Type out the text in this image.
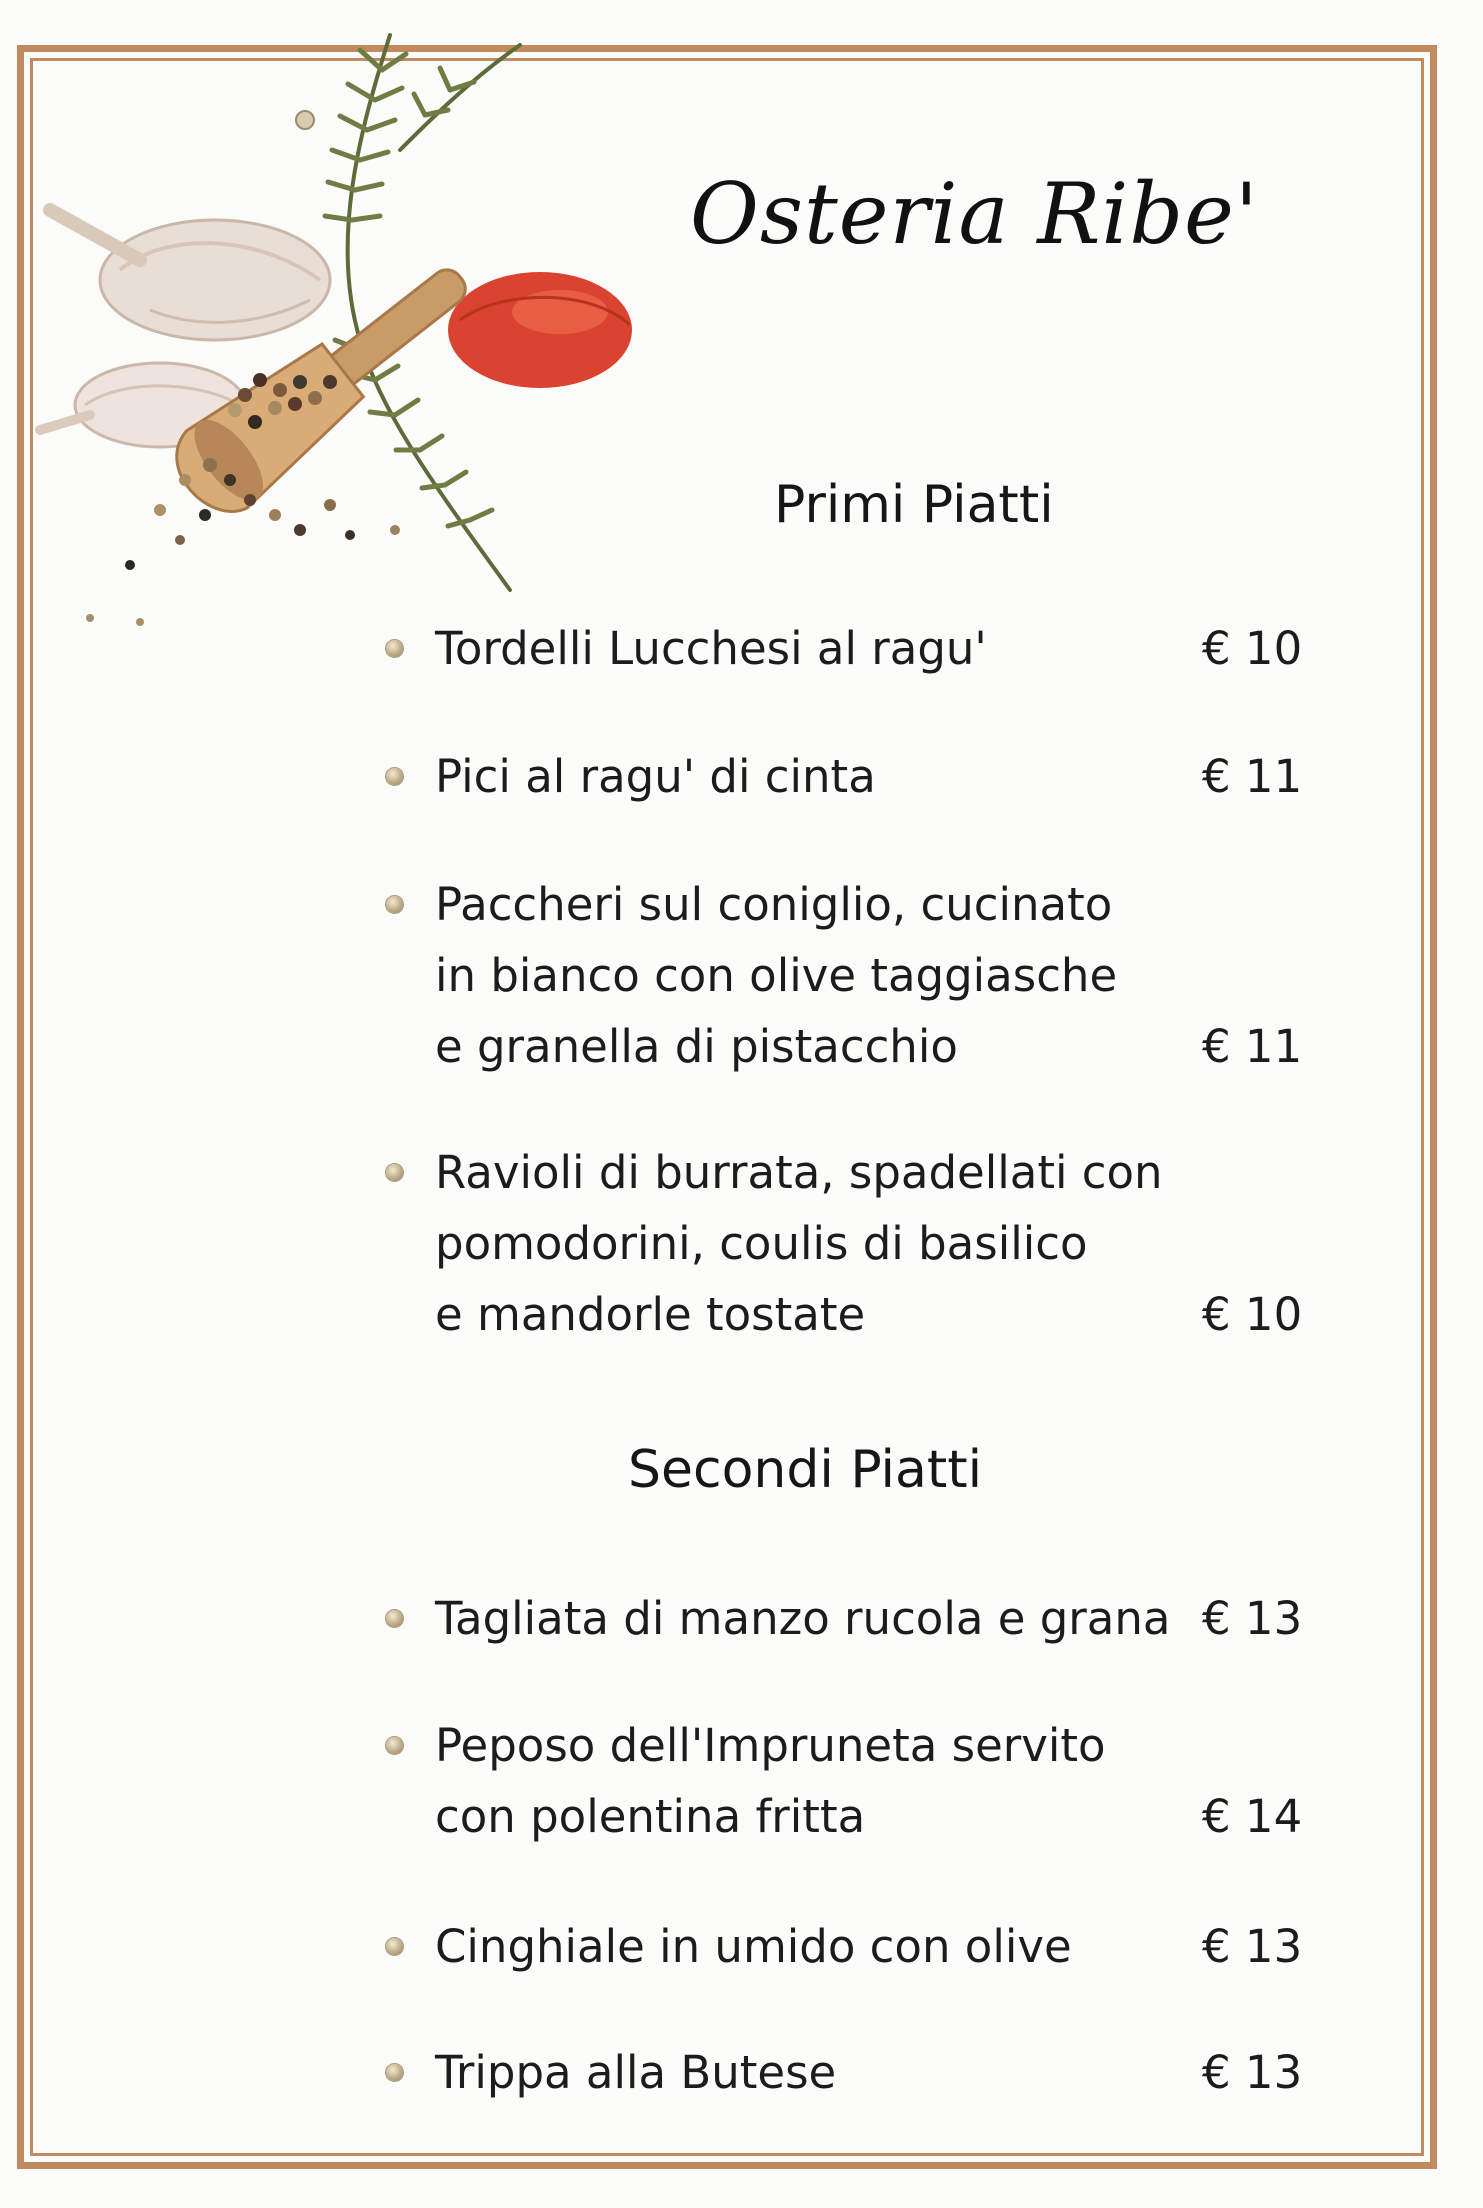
Osteria Ribe'
Primi Piatti
Tordelli Lucchesi al ragu'	€ 10
Pici al ragu' di cinta	€ 11
Paccheri sul coniglio, cucinato
in bianco con olive taggiasche
e granella di pistacchio	€ 11
Ravioli di burrata, spadellati con
pomodorini, coulis di basilico
e mandorle tostate	€ 10
Secondi Piatti
Tagliata di manzo rucola e grana € 13
Peposo dell'Impruneta servito
con polentina fritta	€ 14
Cinghiale in umido con olive	€ 13
Trippa alla Butese	€ 13
